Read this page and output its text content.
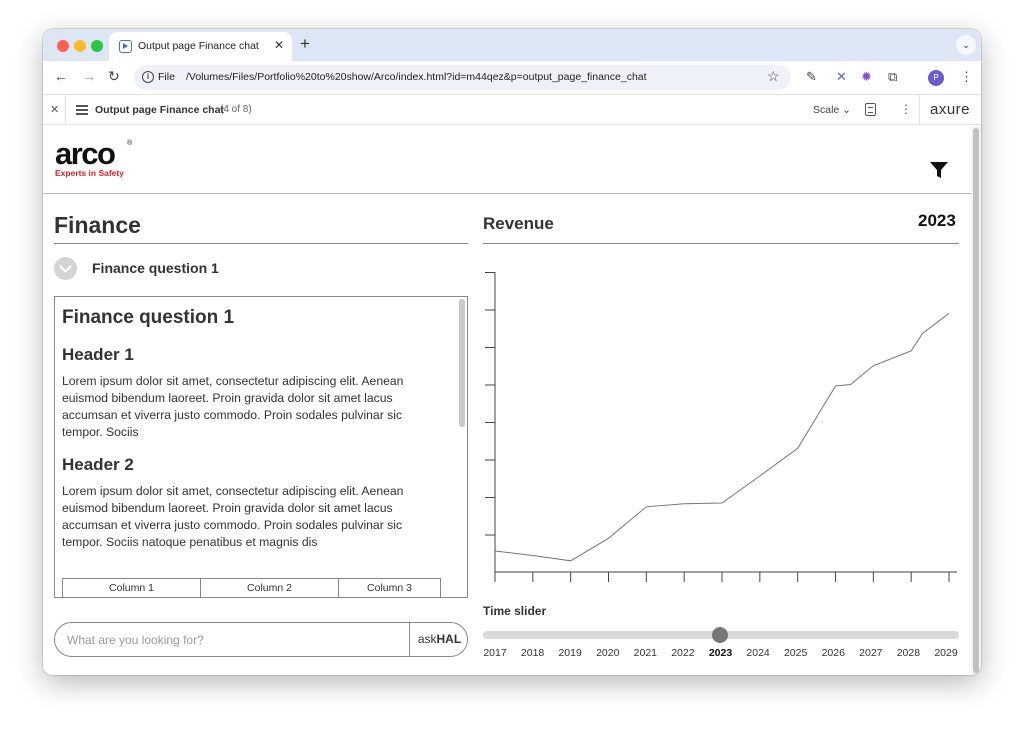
Output page Finance chat ✕ +	⌄
← → ↻	i File /Volumes/Files/Portfolio%20to%20show/Arco/index.html?id=m44qez&p=output_page_finance_chat	☆ ✎ ✕ ✹ ⧉	P	⋮
✕	Output page Finance chat
(4 of 8)	Scale ⌄	⋮ axure
arco ®
Experts in Safety
Finance
Finance question 1
Finance question 1
Header 1
Lorem ipsum dolor sit amet, consectetur adipiscing elit. Aenean euismod bibendum laoreet. Proin gravida dolor sit amet lacus accumsan et viverra justo commodo. Proin sodales pulvinar sic tempor. Sociis
Header 2
Lorem ipsum dolor sit amet, consectetur adipiscing elit. Aenean euismod bibendum laoreet. Proin gravida dolor sit amet lacus accumsan et viverra justo commodo. Proin sodales pulvinar sic tempor. Sociis natoque penatibus et magnis dis
Column 1	Column 2	Column 3
What are you looking for?
askHAL
Revenue	2023
Time slider
2017	2018	2019	2020	2021	2022	2023	2024	2025	2026	2027	2028	2029
